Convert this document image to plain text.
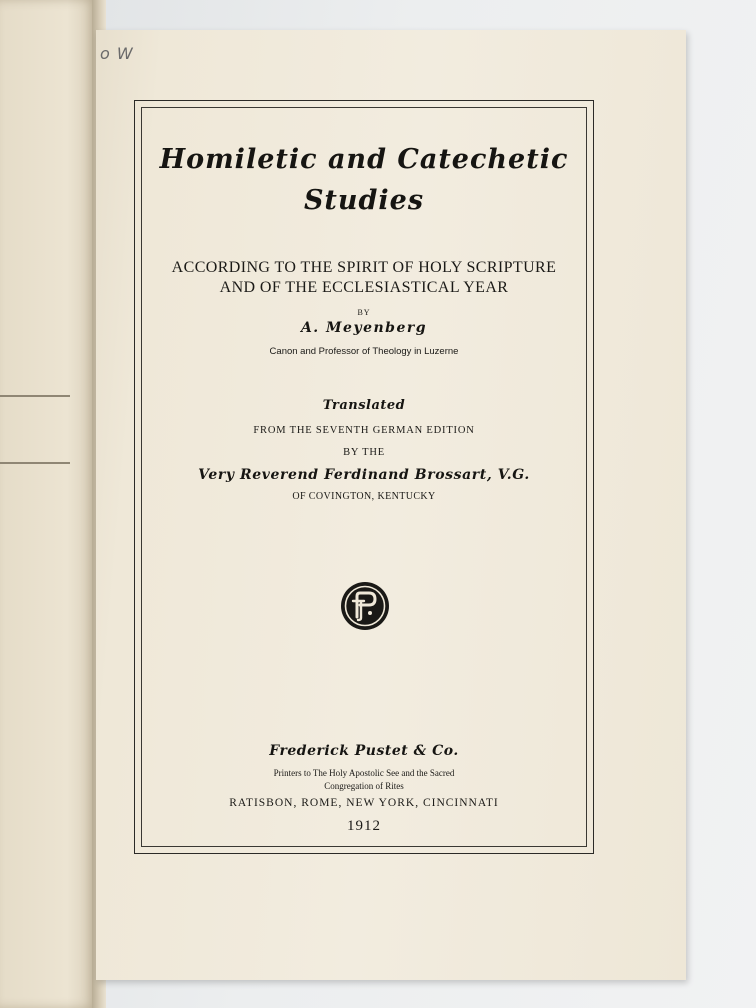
o W
Homiletic and Catechetic
Studies
ACCORDING TO THE SPIRIT OF HOLY SCRIPTURE
AND OF THE ECCLESIASTICAL YEAR
BY
A. Meyenberg
Canon and Professor of Theology in Luzerne
Translated
FROM THE SEVENTH GERMAN EDITION
BY THE
Very Reverend Ferdinand Brossart, V.G.
OF COVINGTON, KENTUCKY
Frederick Pustet & Co.
Printers to The Holy Apostolic See and the Sacred
Congregation of Rites
RATISBON, ROME, NEW YORK, CINCINNATI
1912
